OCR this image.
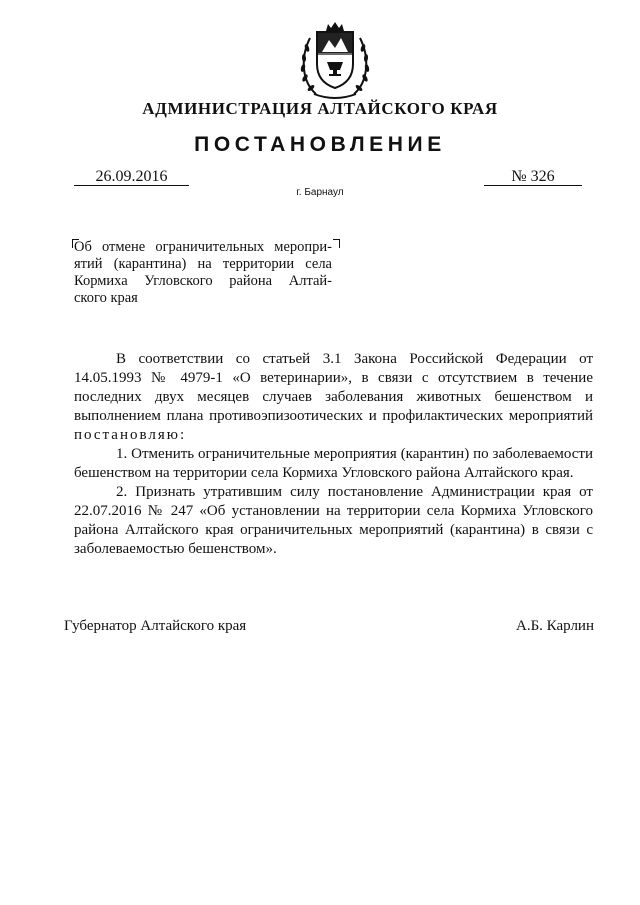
АДМИНИСТРАЦИЯ АЛТАЙСКОГО КРАЯ
ПОСТАНОВЛЕНИЕ
26.09.2016	№ 326
г. Барнаул
Об отмене ограничительных меропри-
ятий (карантина) на территории села
Кормиха Угловского района Алтай-
ского края

В соответствии со статьей 3.1 Закона Российской Федерации от 14.05.1993 № 4979-1 «О ветеринарии», в связи с отсутствием в течение последних двух месяцев случаев заболевания животных бешенством и выполнением плана противоэпизоотических и профилактических мероприятий постановляю:

1. Отменить ограничительные мероприятия (карантин) по заболеваемости бешенством на территории села Кормиха Угловского района Алтайского края.

2. Признать утратившим силу постановление Администрации края от 22.07.2016 № 247 «Об установлении на территории села Кормиха Угловского района Алтайского края ограничительных мероприятий (карантина) в связи с заболеваемостью бешенством».

Губернатор Алтайского края	А.Б. Карлин
